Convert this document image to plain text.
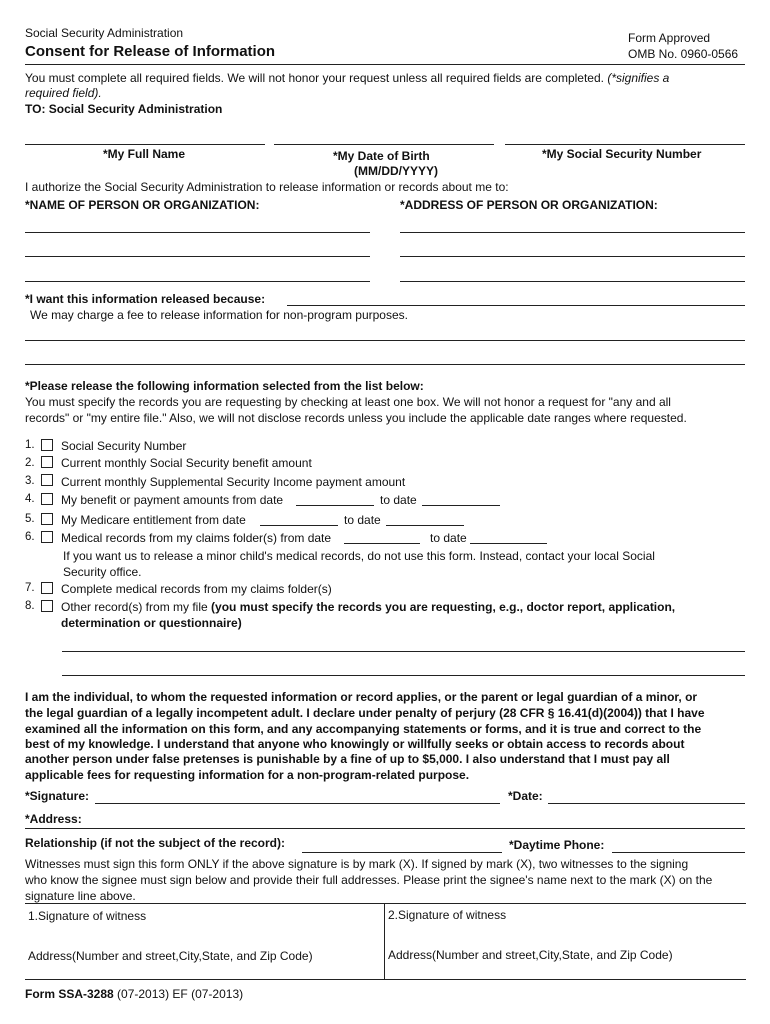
Social Security Administration
Consent for Release of Information
Form Approved
OMB No. 0960-0566
You must complete all required fields. We will not honor your request unless all required fields are completed. (*signifies a
required field).
TO: Social Security Administration
*My Full Name	*My Date of Birth
(MM/DD/YYYY)
*My Social Security Number
I authorize the Social Security Administration to release information or records about me to:
*NAME OF PERSON OR ORGANIZATION:	*ADDRESS OF PERSON OR ORGANIZATION:
*I want this information released because:
We may charge a fee to release information for non-program purposes.
*Please release the following information selected from the list below:
You must specify the records you are requesting by checking at least one box. We will not honor a request for "any and all
records" or "my entire file." Also, we will not disclose records unless you include the applicable date ranges where requested.
1. Social Security Number
2. Current monthly Social Security benefit amount
3. Current monthly Supplemental Security Income payment amount
4. My benefit or payment amounts from date	to date
5. My Medicare entitlement from date	to date
6. Medical records from my claims folder(s) from date	to date
If you want us to release a minor child's medical records, do not use this form. Instead, contact your local Social
Security office.
7. Complete medical records from my claims folder(s)
8. Other record(s) from my file (you must specify the records you are requesting, e.g., doctor report, application,
determination or questionnaire)
I am the individual, to whom the requested information or record applies, or the parent or legal guardian of a minor, or
the legal guardian of a legally incompetent adult. I declare under penalty of perjury (28 CFR § 16.41(d)(2004)) that I have
examined all the information on this form, and any accompanying statements or forms, and it is true and correct to the
best of my knowledge. I understand that anyone who knowingly or willfully seeks or obtain access to records about
another person under false pretenses is punishable by a fine of up to $5,000. I also understand that I must pay all
applicable fees for requesting information for a non-program-related purpose.
*Signature:	*Date:
*Address:
Relationship (if not the subject of the record):	*Daytime Phone:
Witnesses must sign this form ONLY if the above signature is by mark (X). If signed by mark (X), two witnesses to the signing
who know the signee must sign below and provide their full addresses. Please print the signee's name next to the mark (X) on the
signature line above.
1.Signature of witness	2.Signature of witness
Address(Number and street,City,State, and Zip Code)	Address(Number and street,City,State, and Zip Code)
Form SSA-3288 (07-2013) EF (07-2013)
